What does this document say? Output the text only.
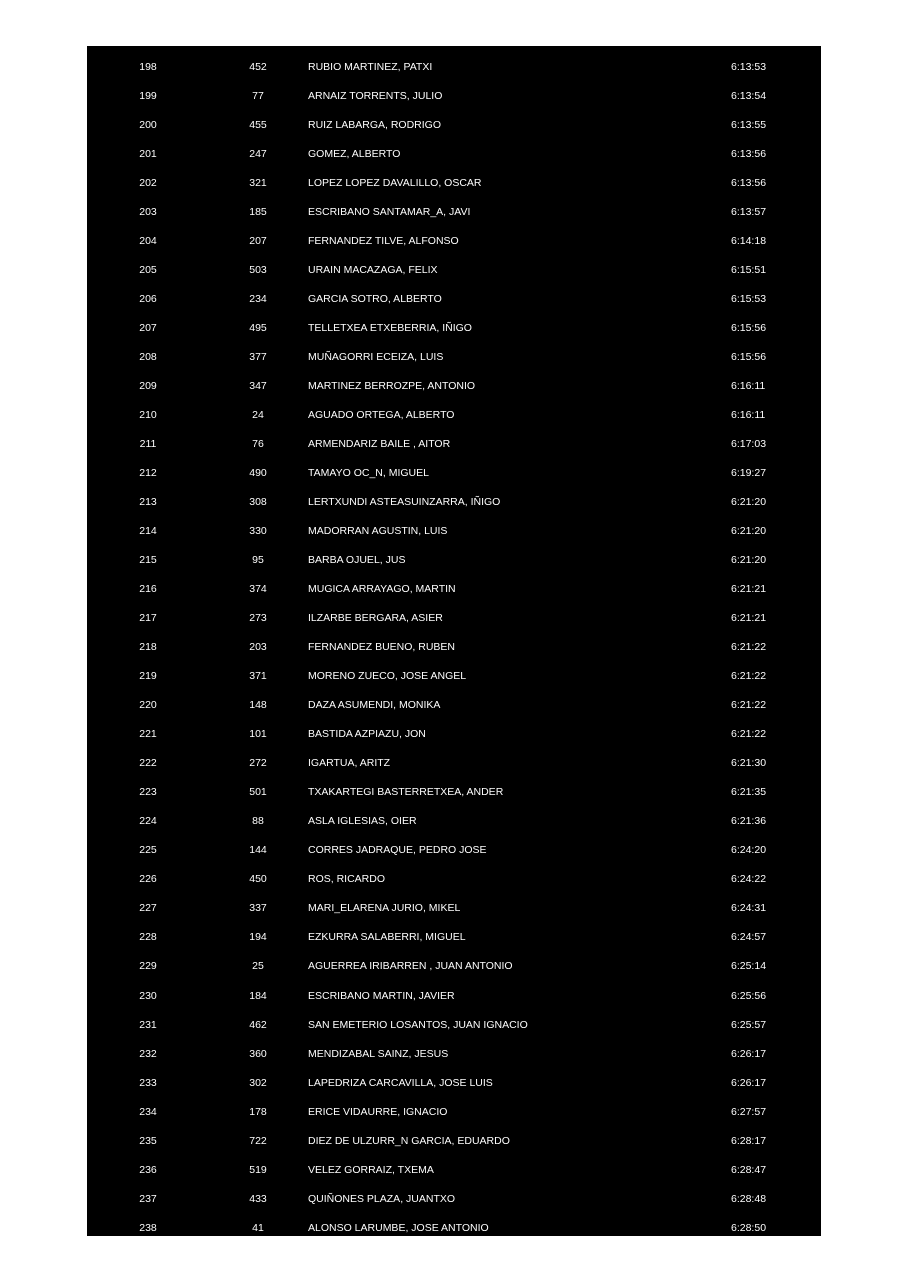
198	452	RUBIO MARTINEZ, PATXI	6:13:53
199	77	ARNAIZ TORRENTS, JULIO	6:13:54
200	455	RUIZ LABARGA, RODRIGO	6:13:55
201	247	GOMEZ, ALBERTO	6:13:56
202	321	LOPEZ LOPEZ DAVALILLO, OSCAR	6:13:56
203	185	ESCRIBANO SANTAMAR_A, JAVI	6:13:57
204	207	FERNANDEZ TILVE, ALFONSO	6:14:18
205	503	URAIN MACAZAGA, FELIX	6:15:51
206	234	GARCIA SOTRO, ALBERTO	6:15:53
207	495	TELLETXEA ETXEBERRIA, IÑIGO	6:15:56
208	377	MUÑAGORRI ECEIZA, LUIS	6:15:56
209	347	MARTINEZ BERROZPE, ANTONIO	6:16:11
210	24	AGUADO ORTEGA, ALBERTO	6:16:11
211	76	ARMENDARIZ BAILE , AITOR	6:17:03
212	490	TAMAYO OC_N, MIGUEL	6:19:27
213	308	LERTXUNDI ASTEASUINZARRA, IÑIGO	6:21:20
214	330	MADORRAN AGUSTIN, LUIS	6:21:20
215	95	BARBA OJUEL, JUS	6:21:20
216	374	MUGICA ARRAYAGO, MARTIN	6:21:21
217	273	ILZARBE BERGARA, ASIER	6:21:21
218	203	FERNANDEZ BUENO, RUBEN	6:21:22
219	371	MORENO ZUECO, JOSE ANGEL	6:21:22
220	148	DAZA ASUMENDI, MONIKA	6:21:22
221	101	BASTIDA AZPIAZU, JON	6:21:22
222	272	IGARTUA, ARITZ	6:21:30
223	501	TXAKARTEGI BASTERRETXEA, ANDER	6:21:35
224	88	ASLA IGLESIAS, OIER	6:21:36
225	144	CORRES JADRAQUE, PEDRO JOSE	6:24:20
226	450	ROS, RICARDO	6:24:22
227	337	MARI_ELARENA JURIO, MIKEL	6:24:31
228	194	EZKURRA SALABERRI, MIGUEL	6:24:57
229	25	AGUERREA IRIBARREN , JUAN ANTONIO	6:25:14
230	184	ESCRIBANO MARTIN, JAVIER	6:25:56
231	462	SAN EMETERIO LOSANTOS, JUAN IGNACIO	6:25:57
232	360	MENDIZABAL SAINZ, JESUS	6:26:17
233	302	LAPEDRIZA CARCAVILLA, JOSE LUIS	6:26:17
234	178	ERICE VIDAURRE, IGNACIO	6:27:57
235	722	DIEZ DE ULZURR_N GARCIA, EDUARDO	6:28:17
236	519	VELEZ GORRAIZ, TXEMA	6:28:47
237	433	QUIÑONES PLAZA, JUANTXO	6:28:48
238	41	ALONSO LARUMBE, JOSE ANTONIO	6:28:50
